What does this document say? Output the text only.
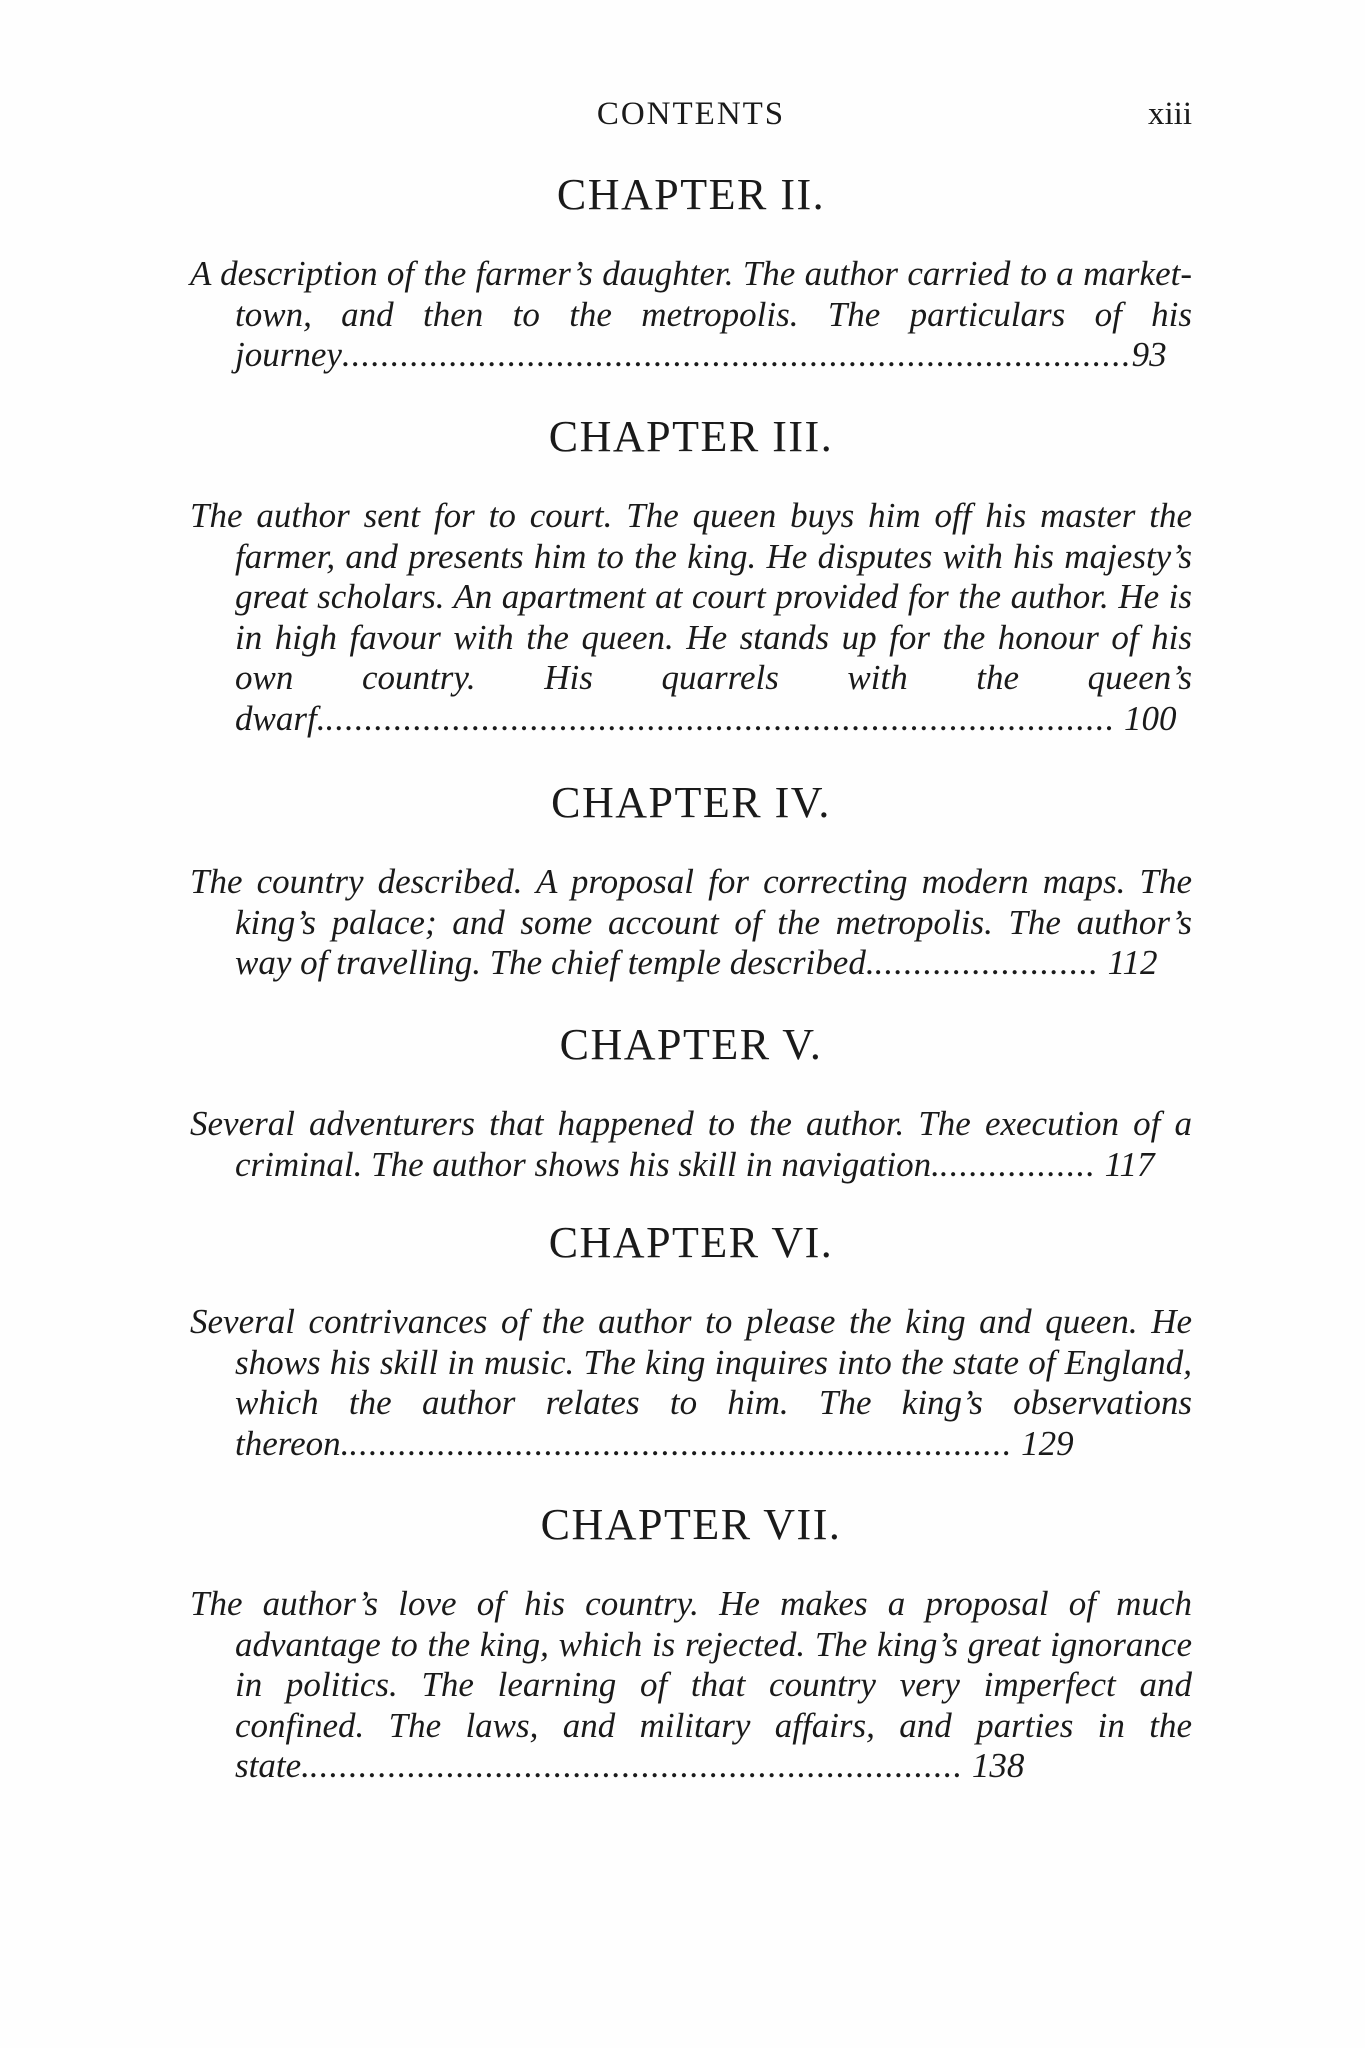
CONTENTS	xiii
CHAPTER II.
A description of the farmer’s daughter. The author carried to a market-town, and then to the metropolis. The particulars of his journey.................................................................................93
CHAPTER III.
The author sent for to court. The queen buys him off his master the farmer, and presents him to the king. He disputes with his majesty’s great scholars. An apartment at court provided for the author. He is in high favour with the queen. He stands up for the honour of his own country. His quarrels with the queen’s dwarf.................................................................................. 100
CHAPTER IV.
The country described. A proposal for correcting modern maps. The king’s palace; and some account of the metropolis. The author’s way of travelling. The chief temple described........................ 112
CHAPTER V.
Several adventurers that happened to the author. The execution of a criminal. The author shows his skill in navigation................. 117
CHAPTER VI.
Several contrivances of the author to please the king and queen. He shows his skill in music. The king inquires into the state of England, which the author relates to him. The king’s observations thereon..................................................................... 129
CHAPTER VII.
The author’s love of his country. He makes a proposal of much advantage to the king, which is rejected. The king’s great ignorance in politics. The learning of that country very imperfect and confined. The laws, and military affairs, and parties in the state.................................................................... 138
